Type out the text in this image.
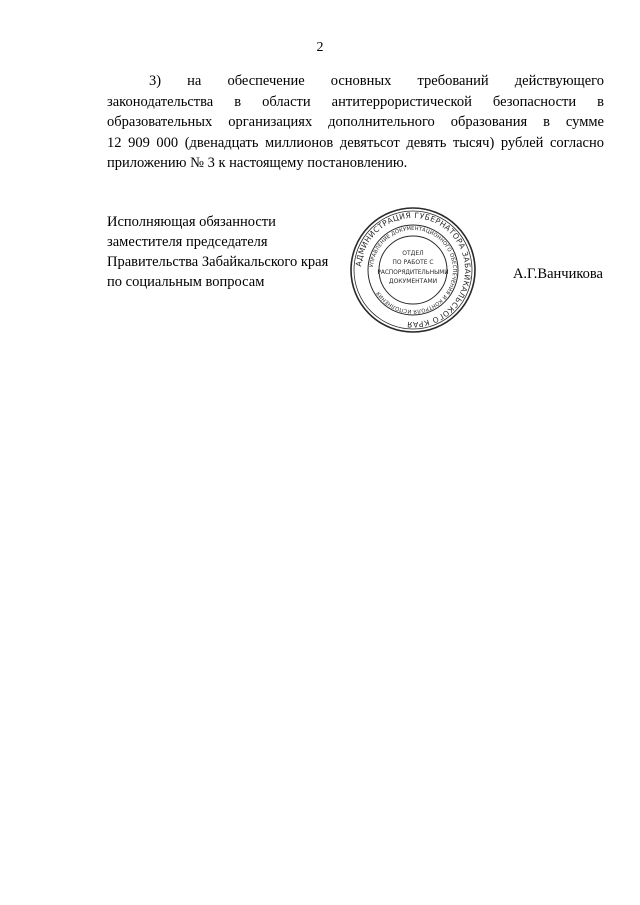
2
3) на обеспечение основных требований действующего
законодательства в области антитеррористической безопасности в
образовательных организациях дополнительного образования в сумме
12 909 000 (двенадцать миллионов девятьсот девять тысяч) рублей согласно
приложению № 3 к настоящему постановлению.
Исполняющая обязанности
заместителя председателя
Правительства Забайкальского края
по социальным вопросам
АДМИНИСТРАЦИЯ ГУБЕРНАТОРА ЗАБАЙКАЛЬСКОГО КРАЯ
УПРАВЛЕНИЕ ДОКУМЕНТАЦИОННОГО ОБЕСПЕЧЕНИЯ И КОНТРОЛЯ ИСПОЛНЕНИЯ
ОТДЕЛ
ПО РАБОТЕ С
РАСПОРЯДИТЕЛЬНЫМИ
ДОКУМЕНТАМИ	А.Г.Ванчикова
